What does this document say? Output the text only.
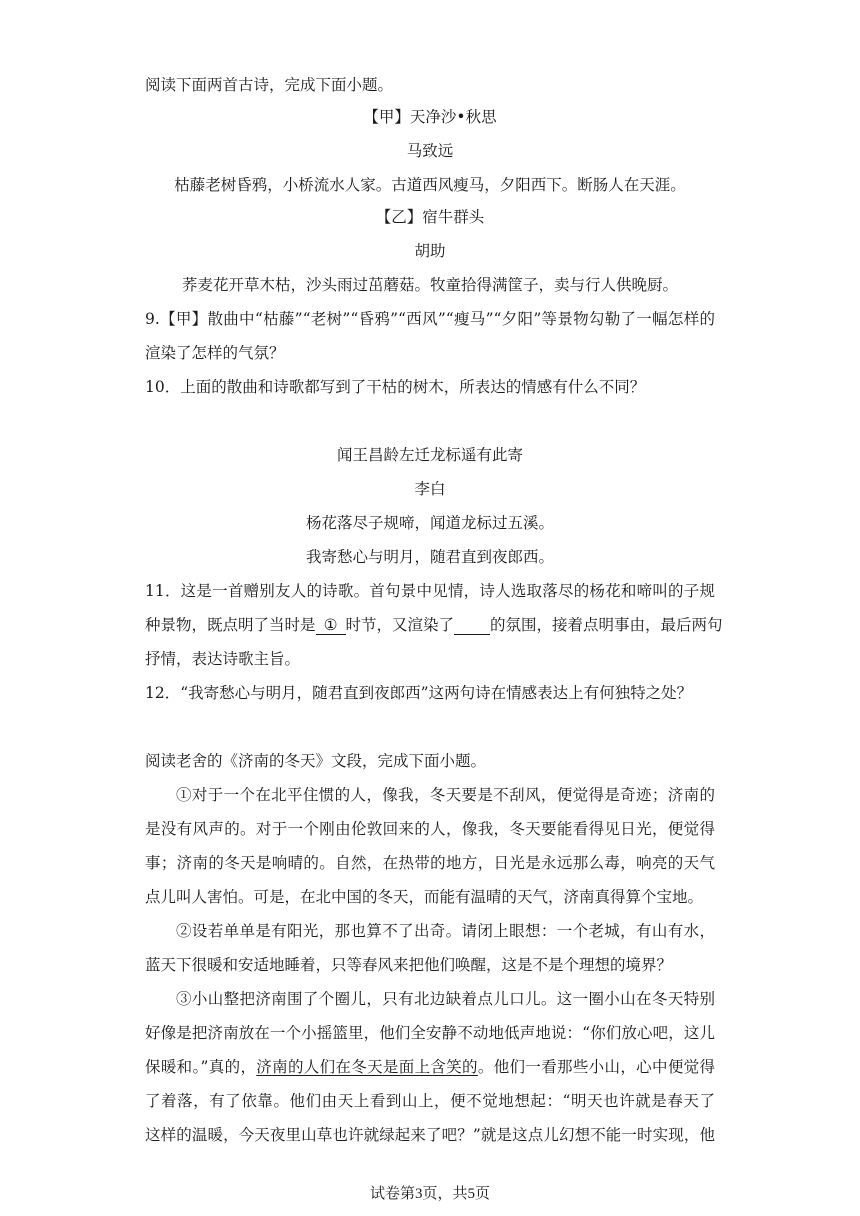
阅读下面两首古诗，完成下面小题。
【甲】天净沙•秋思
马致远
枯藤老树昏鸦，小桥流水人家。古道西风瘦马，夕阳西下。断肠人在天涯。
【乙】宿牛群头
胡助
荞麦花开草木枯，沙头雨过茁蘑菇。牧童拾得满筐子，卖与行人供晚厨。
9.【甲】散曲中“枯藤”“老树”“昏鸦”“西风”“瘦马”“夕阳”等景物勾勒了一幅怎样的
渲染了怎样的气氛？
10．上面的散曲和诗歌都写到了干枯的树木，所表达的情感有什么不同？
闻王昌龄左迁龙标遥有此寄
李白
杨花落尽子规啼，闻道龙标过五溪。
我寄愁心与明月，随君直到夜郎西。
11．这是一首赠别友人的诗歌。首句景中见情，诗人选取落尽的杨花和啼叫的子规
种景物，既点明了当时是 ① 时节，又渲染了 的氛围，接着点明事由，最后两句
抒情，表达诗歌主旨。
12．“我寄愁心与明月，随君直到夜郎西”这两句诗在情感表达上有何独特之处？
阅读老舍的《济南的冬天》文段，完成下面小题。
①对于一个在北平住惯的人，像我，冬天要是不刮风，便觉得是奇迹；济南的
是没有风声的。对于一个刚由伦敦回来的人，像我，冬天要能看得见日光，便觉得
事；济南的冬天是响晴的。自然，在热带的地方，日光是永远那么毒，响亮的天气
点儿叫人害怕。可是，在北中国的冬天，而能有温晴的天气，济南真得算个宝地。
②设若单单是有阳光，那也算不了出奇。请闭上眼想：一个老城，有山有水，
蓝天下很暖和安适地睡着，只等春风来把他们唤醒，这是不是个理想的境界？
③小山整把济南围了个圈儿，只有北边缺着点儿口儿。这一圈小山在冬天特别
好像是把济南放在一个小摇篮里，他们全安静不动地低声地说：“你们放心吧，这儿
保暖和。”真的，济南的人们在冬天是面上含笑的。他们一看那些小山，心中便觉得
了着落，有了依靠。他们由天上看到山上，便不觉地想起：“明天也许就是春天了
这样的温暖，今天夜里山草也许就绿起来了吧？”就是这点儿幻想不能一时实现，他
试卷第3页，共5页
